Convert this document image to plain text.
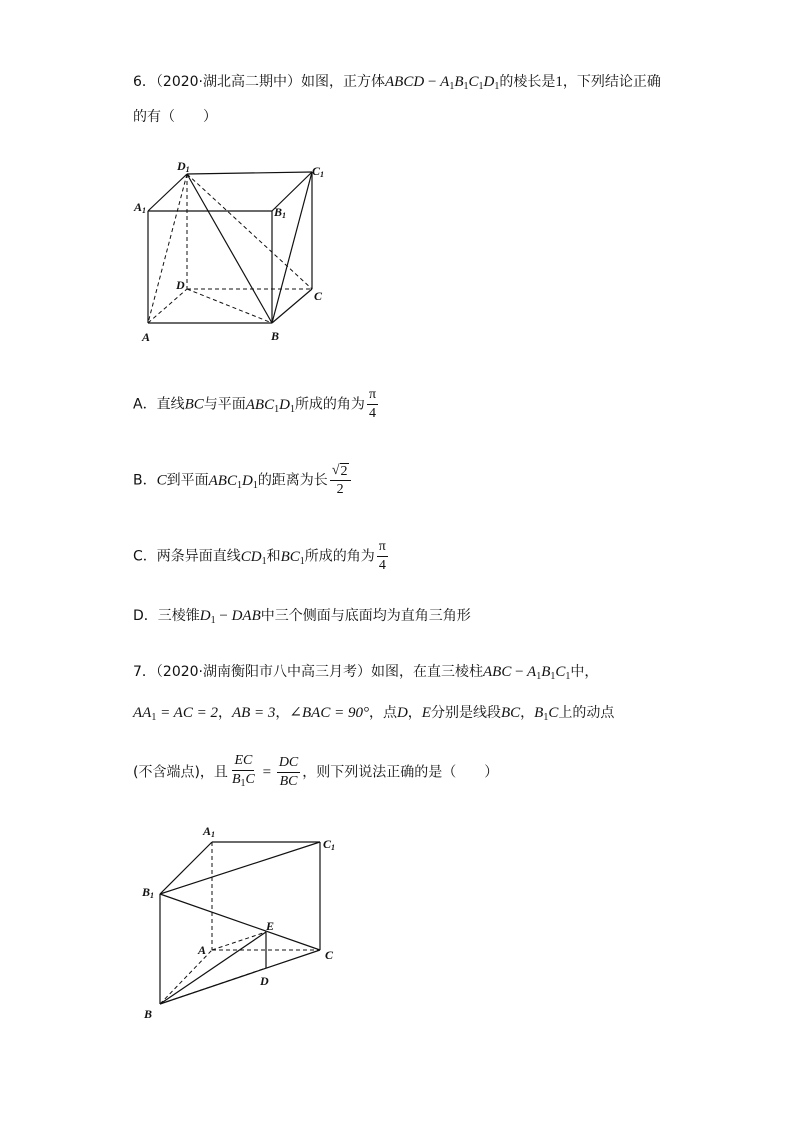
6．（2020·湖北高二期中）如图，正方体ABCD − $A_1B_1C_1D_1$的棱长是1，下列结论正确
的有（　　）
D1	C1
A1	B1
D
C
A	B
A．直线BC与平面$ABC_1D_1$所成的角为 $\frac{\pi}{4}$
B．C到平面$ABC_1D_1$的距离为长 $\frac{√ 2}{2}$
C．两条异面直线$CD_1$和$BC_1$所成的角为 $\frac{\pi}{4}$
D．三棱锥$D_1$ − DAB中三个侧面与底面均为直角三角形
7．（2020·湖南衡阳市八中高三月考）如图，在直三棱柱ABC − $A_1B_1C_1$中，
$AA_1$ = AC = 2，AB = 3，∠BAC = 90°，点D，E分别是线段BC，$B_1C$上的动点
(不含端点)，且 $\frac{EC}{B_1C} = \frac{DC}{BC}$ ，则下列说法正确的是（　　）
A1
C1
B1
E
A	C
D
B
